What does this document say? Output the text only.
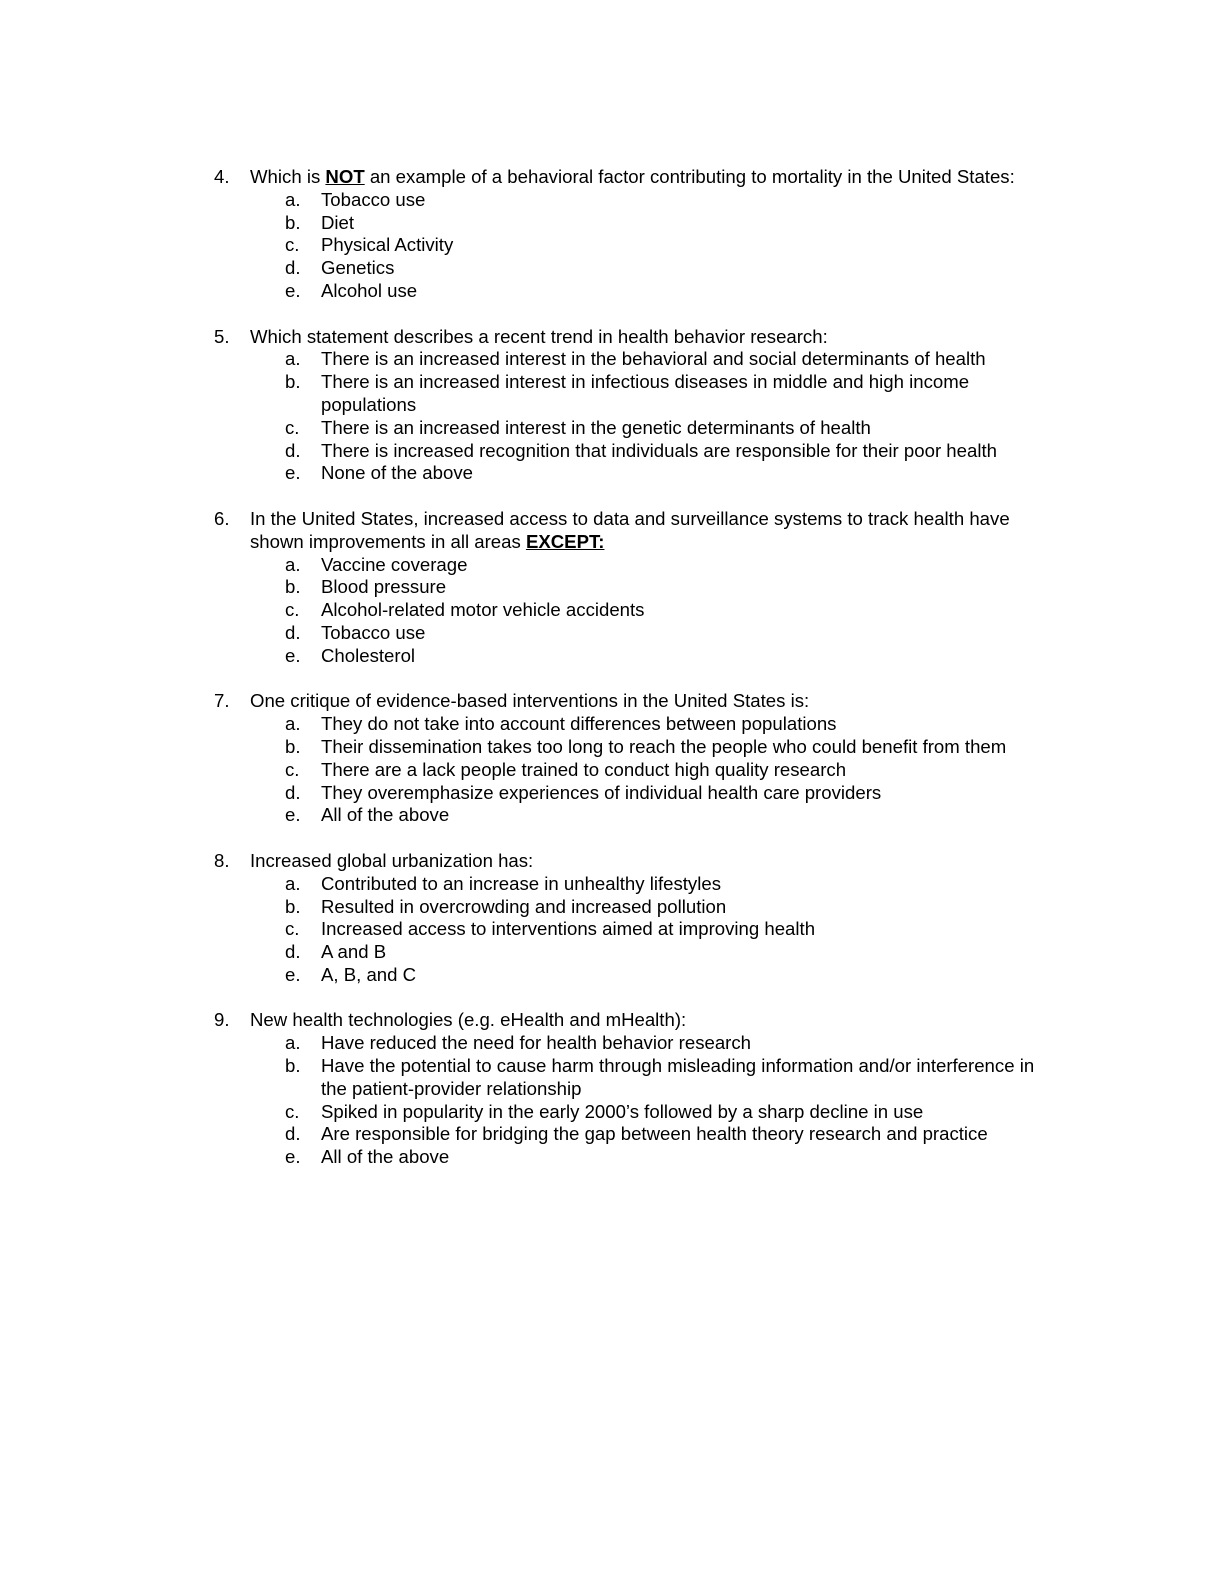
4.	Which is NOT an example of a behavioral factor contributing to mortality in the United States:
a.	Tobacco use
b.	Diet
c.	Physical Activity
d.	Genetics
e.	Alcohol use
5.	Which statement describes a recent trend in health behavior research:
a.	There is an increased interest in the behavioral and social determinants of health
b.	There is an increased interest in infectious diseases in middle and high income populations
c.	There is an increased interest in the genetic determinants of health
d.	There is increased recognition that individuals are responsible for their poor health
e.	None of the above
6.	In the United States, increased access to data and surveillance systems to track health have shown improvements in all areas EXCEPT:
a.	Vaccine coverage
b.	Blood pressure
c.	Alcohol-related motor vehicle accidents
d.	Tobacco use
e.	Cholesterol
7.	One critique of evidence-based interventions in the United States is:
a.	They do not take into account differences between populations
b.	Their dissemination takes too long to reach the people who could benefit from them
c.	There are a lack people trained to conduct high quality research
d.	They overemphasize experiences of individual health care providers
e.	All of the above
8.	Increased global urbanization has:
a.	Contributed to an increase in unhealthy lifestyles
b.	Resulted in overcrowding and increased pollution
c.	Increased access to interventions aimed at improving health
d.	A and B
e.	A, B, and C
9.	New health technologies (e.g. eHealth and mHealth):
a.	Have reduced the need for health behavior research
b.	Have the potential to cause harm through misleading information and/or interference in the patient-provider relationship
c.	Spiked in popularity in the early 2000’s followed by a sharp decline in use
d.	Are responsible for bridging the gap between health theory research and practice
e.	All of the above
